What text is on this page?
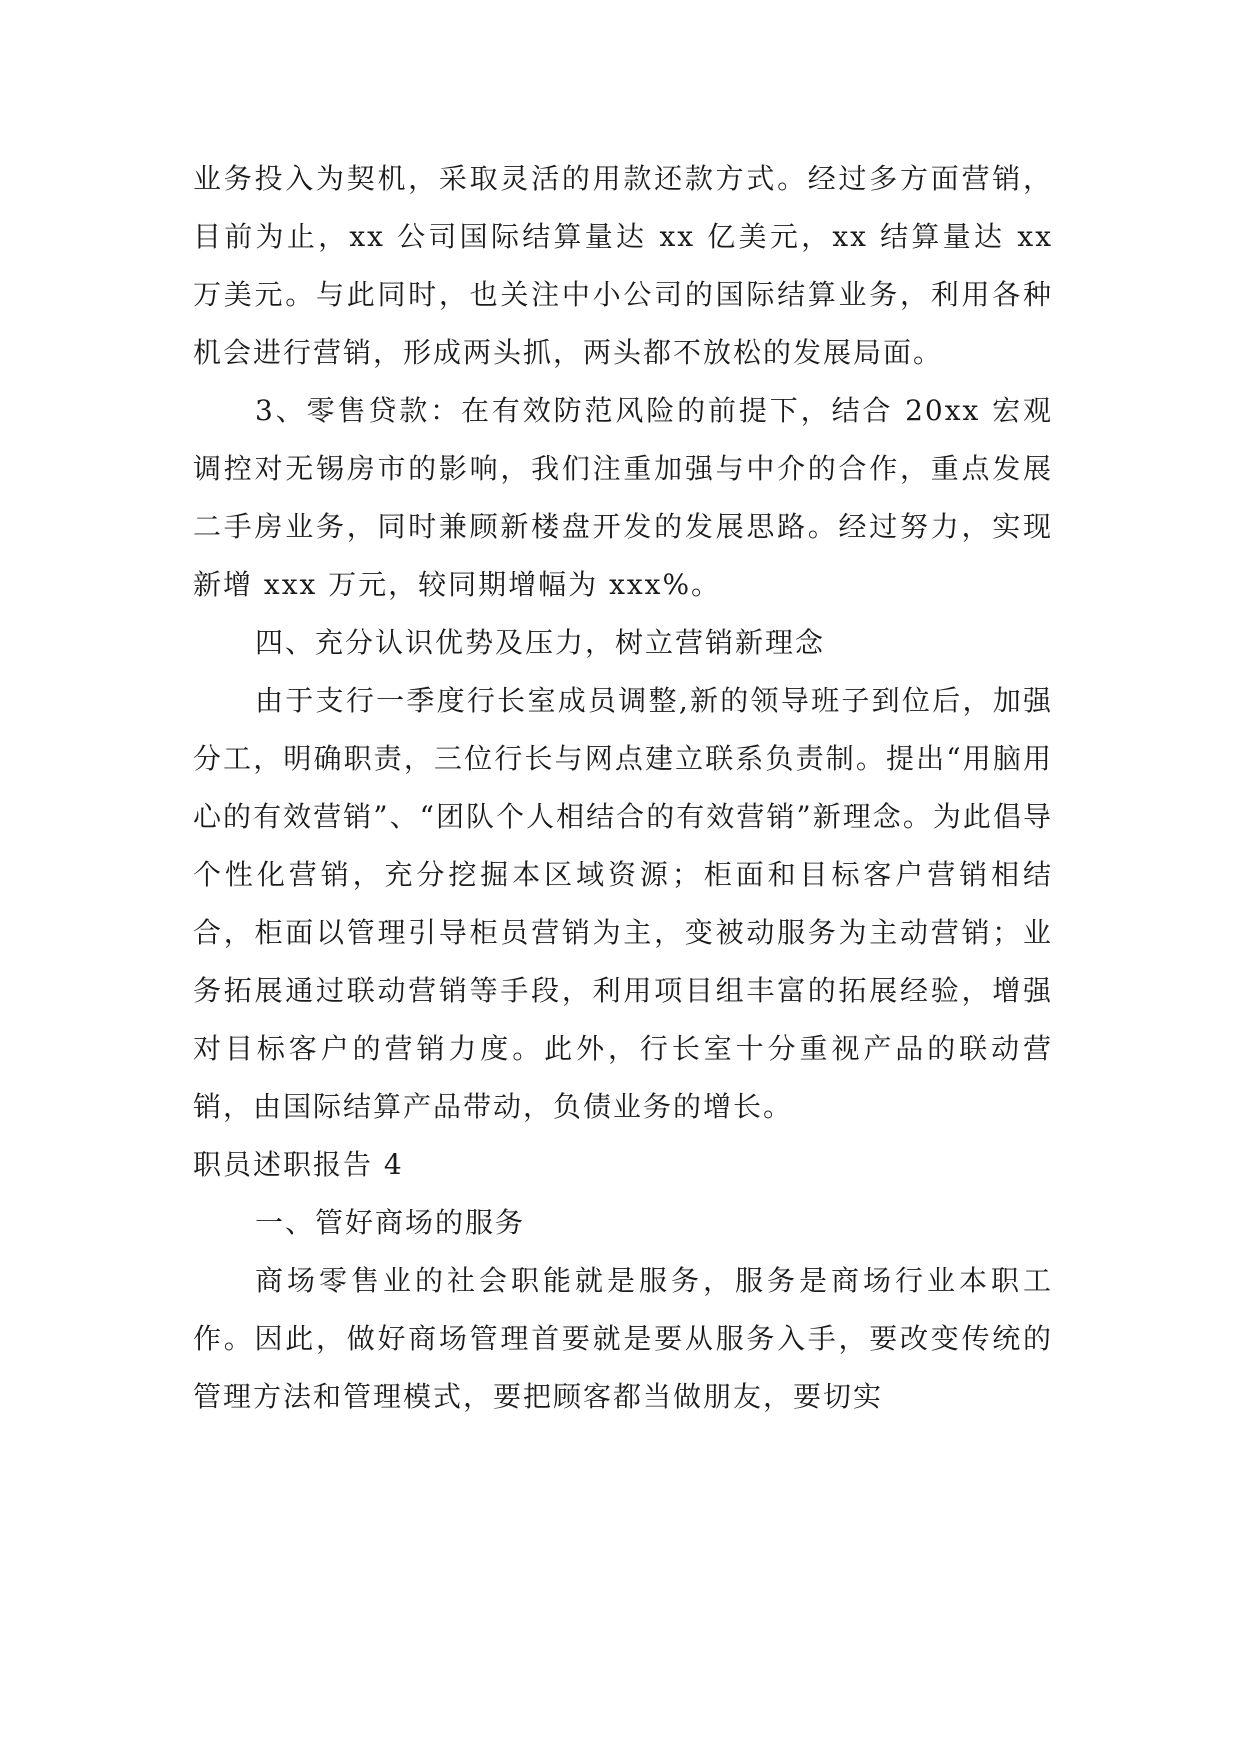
业务投入为契机，采取灵活的用款还款方式。经过多方面营销，目前为止，xx 公司国际结算量达 xx 亿美元，xx 结算量达 xx 万美元。与此同时，也关注中小公司的国际结算业务，利用各种机会进行营销，形成两头抓，两头都不放松的发展局面。

3、零售贷款：在有效防范风险的前提下，结合 20xx 宏观调控对无锡房市的影响，我们注重加强与中介的合作，重点发展二手房业务，同时兼顾新楼盘开发的发展思路。经过努力，实现新增 xxx 万元，较同期增幅为 xxx%。

四、充分认识优势及压力，树立营销新理念

由于支行一季度行长室成员调整,新的领导班子到位后，加强分工，明确职责，三位行长与网点建立联系负责制。提出“用脑用心的有效营销”、“团队个人相结合的有效营销”新理念。为此倡导个性化营销，充分挖掘本区域资源；柜面和目标客户营销相结合，柜面以管理引导柜员营销为主，变被动服务为主动营销；业务拓展通过联动营销等手段，利用项目组丰富的拓展经验，增强对目标客户的营销力度。此外，行长室十分重视产品的联动营销，由国际结算产品带动，负债业务的增长。

职员述职报告 4

一、管好商场的服务

商场零售业的社会职能就是服务，服务是商场行业本职工作。因此，做好商场管理首要就是要从服务入手，要改变传统的管理方法和管理模式，要把顾客都当做朋友，要切实
